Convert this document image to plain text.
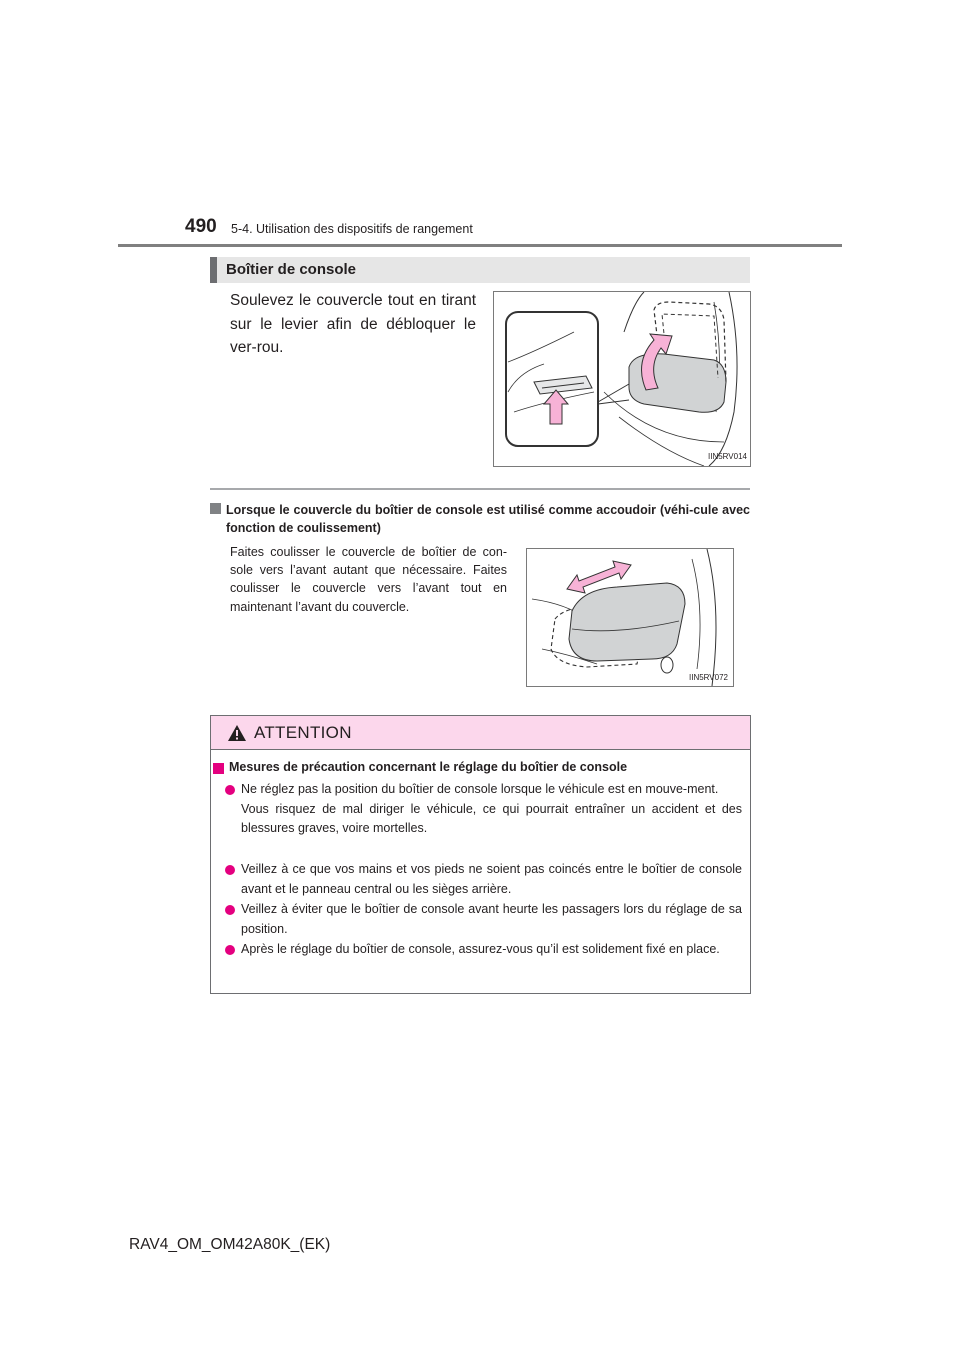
490 5-4. Utilisation des dispositifs de rangement
Boîtier de console
Soulevez le couvercle tout en tirant sur le levier afin de débloquer le ver-rou.
IIN5RV014
Lorsque le couvercle du boîtier de console est utilisé comme accoudoir (véhi-cule avec fonction de coulissement)
Faites coulisser le couvercle de boîtier de con-sole vers l’avant autant que nécessaire. Faites coulisser le couvercle vers l’avant tout en maintenant l’avant du couvercle.
IIN5RV072
ATTENTION
Mesures de précaution concernant le réglage du boîtier de console

Ne réglez pas la position du boîtier de console lorsque le véhicule est en mouve-ment.

Vous risquez de mal diriger le véhicule, ce qui pourrait entraîner un accident et des blessures graves, voire mortelles.

Veillez à ce que vos mains et vos pieds ne soient pas coincés entre le boîtier de console avant et le panneau central ou les sièges arrière.

Veillez à éviter que le boîtier de console avant heurte les passagers lors du réglage de sa position.

Après le réglage du boîtier de console, assurez-vous qu’il est solidement fixé en place.

RAV4_OM_OM42A80K_(EK)
